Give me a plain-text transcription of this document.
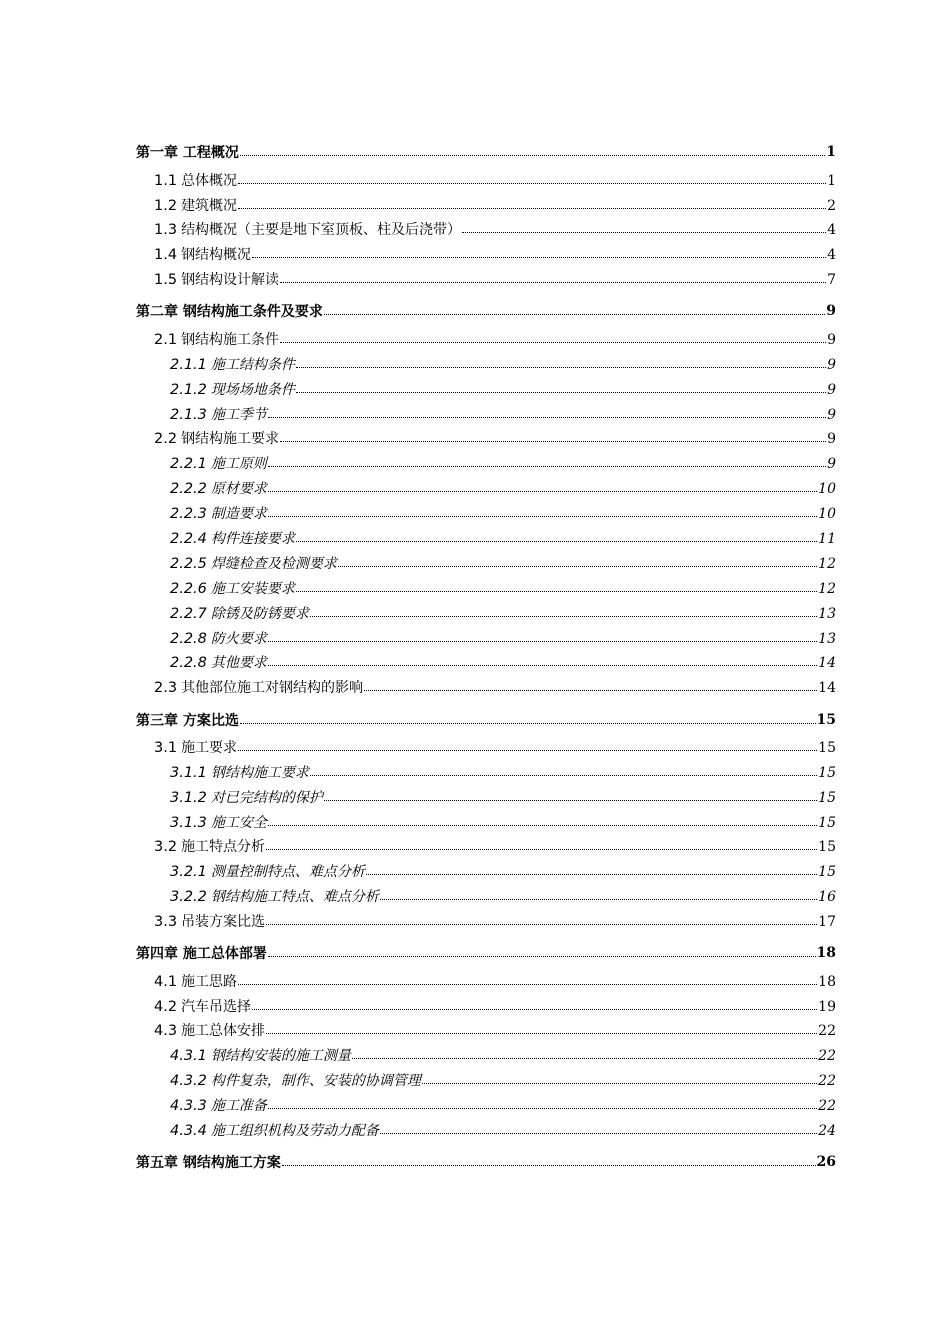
第一章 工程概况	1
1.1 总体概况	1
1.2 建筑概况	2
1.3 结构概况（主要是地下室顶板、柱及后浇带）	4
1.4 钢结构概况	4
1.5 钢结构设计解读	7
第二章 钢结构施工条件及要求	9
2.1 钢结构施工条件	9
2.1.1 施工结构条件	9
2.1.2 现场场地条件	9
2.1.3 施工季节	9
2.2 钢结构施工要求	9
2.2.1 施工原则	9
2.2.2 原材要求	10
2.2.3 制造要求	10
2.2.4 构件连接要求	11
2.2.5 焊缝检查及检测要求	12
2.2.6 施工安装要求	12
2.2.7 除锈及防锈要求	13
2.2.8 防火要求	13
2.2.8 其他要求	14
2.3 其他部位施工对钢结构的影响	14
第三章 方案比选	15
3.1 施工要求	15
3.1.1 钢结构施工要求	15
3.1.2 对已完结构的保护	15
3.1.3 施工安全	15
3.2 施工特点分析	15
3.2.1 测量控制特点、难点分析	15
3.2.2 钢结构施工特点、难点分析	16
3.3 吊装方案比选	17
第四章 施工总体部署	18
4.1 施工思路	18
4.2 汽车吊选择	19
4.3 施工总体安排	22
4.3.1 钢结构安装的施工测量	22
4.3.2 构件复杂，制作、安装的协调管理	22
4.3.3 施工准备	22
4.3.4 施工组织机构及劳动力配备	24
第五章 钢结构施工方案	26
